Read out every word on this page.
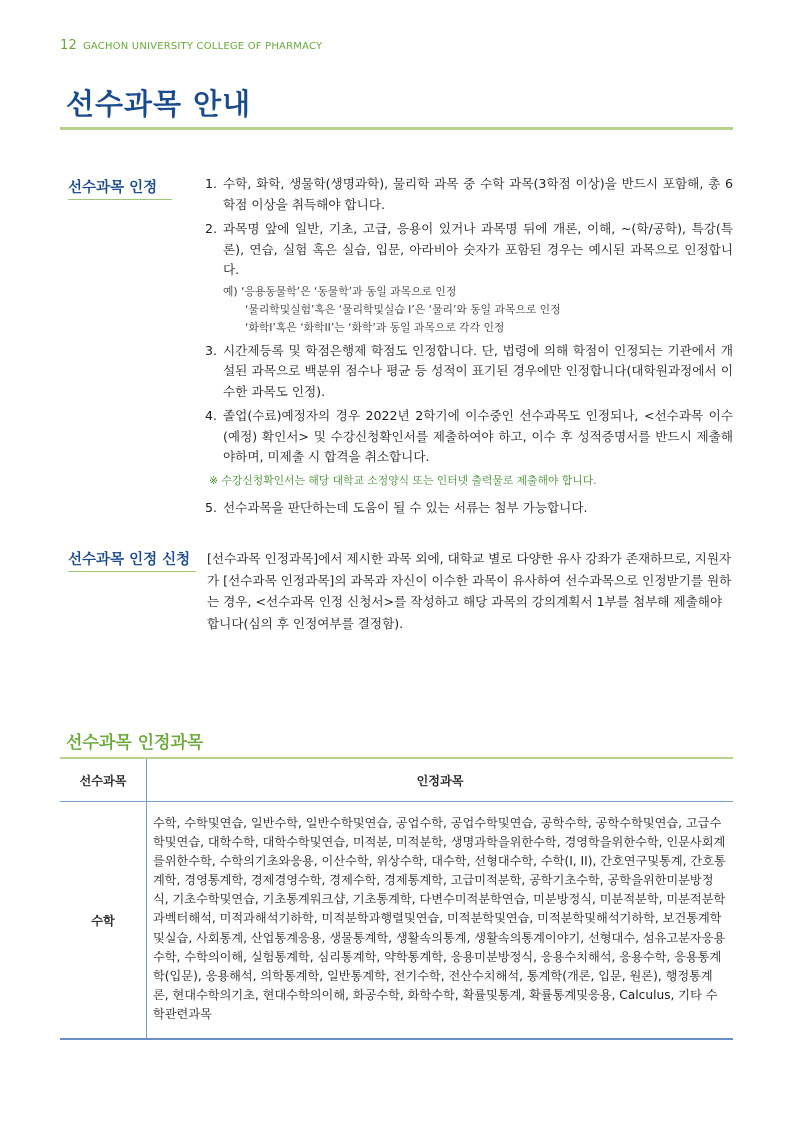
12 GACHON UNIVERSITY COLLEGE OF PHARMACY
선수과목 안내
선수과목 인정	1. 수학, 화학, 생물학(생명과학), 물리학 과목 중 수학 과목(3학점 이상)을 반드시 포함해, 총 6학점 이상을 취득해야 합니다.
2. 과목명 앞에 일반, 기초, 고급, 응용이 있거나 과목명 뒤에 개론, 이해, ~(학/공학), 특강(특론), 연습, 실험 혹은 실습, 입문, 아라비아 숫자가 포함된 경우는 예시된 과목으로 인정합니다.
예) ‘응용동물학’은 ‘동물학’과 동일 과목으로 인정
‘물리학및실험’혹은 ‘물리학및실습 I’은 ‘물리’와 동일 과목으로 인정
‘화학I’혹은 ‘화학II’는 ‘화학’과 동일 과목으로 각각 인정
3. 시간제등록 및 학점은행제 학점도 인정합니다. 단, 법령에 의해 학점이 인정되는 기관에서 개설된 과목으로 백분위 점수나 평균 등 성적이 표기된 경우에만 인정합니다(대학원과정에서 이수한 과목도 인정).
4. 졸업(수료)예정자의 경우 2022년 2학기에 이수중인 선수과목도 인정되나, <선수과목 이수(예정) 확인서> 및 수강신청확인서를 제출하여야 하고, 이수 후 성적증명서를 반드시 제출해야하며, 미제출 시 합격을 취소합니다.
※ 수강신청확인서는 해당 대학교 소정양식 또는 인터넷 출력물로 제출해야 합니다.
5. 선수과목을 판단하는데 도움이 될 수 있는 서류는 첨부 가능합니다.
선수과목 인정 신청 [선수과목 인정과목]에서 제시한 과목 외에, 대학교 별로 다양한 유사 강좌가 존재하므로, 지원자가 [선수과목 인정과목]의 과목과 자신이 이수한 과목이 유사하여 선수과목으로 인정받기를 원하는 경우, <선수과목 인정 신청서>를 작성하고 해당 과목의 강의계획서 1부를 첨부해 제출해야 합니다(심의 후 인정여부를 결정함).
선수과목 인정과목
선수과목	인정과목
수학	수학, 수학및연습, 일반수학, 일반수학및연습, 공업수학, 공업수학및연습, 공학수학, 공학수학및연습, 고급수학및연습, 대학수학, 대학수학및연습, 미적분, 미적분학, 생명과학을위한수학, 경영학을위한수학, 인문사회계를위한수학, 수학의기초와응용, 이산수학, 위상수학, 대수학, 선형대수학, 수학(I, II), 간호연구및통계, 간호통계학, 경영통계학, 경제경영수학, 경제수학, 경제통계학, 고급미적분학, 공학기초수학, 공학을위한미분방정식, 기초수학및연습, 기초통계워크샵, 기초통계학, 다변수미적분학연습, 미분방정식, 미분적분학, 미분적분학과벡터해석, 미적과해석기하학, 미적분학과행렬및연습, 미적분학및연습, 미적분학및해석기하학, 보건통계학및실습, 사회통계, 산업통계응용, 생물통계학, 생활속의통계, 생활속의통계이야기, 선형대수, 섬유고분자응용수학, 수학의이해, 실험통계학, 심리통계학, 약학통계학, 응용미분방정식, 응용수치해석, 응용수학, 응용통계학(입문), 응용해석, 의학통계학, 일반통계학, 전기수학, 전산수치해석, 통계학(개론, 입문, 원론), 행정통계론, 현대수학의기초, 현대수학의이해, 화공수학, 화학수학, 확률및통계, 확률통계및응용, Calculus, 기타 수학관련과목
